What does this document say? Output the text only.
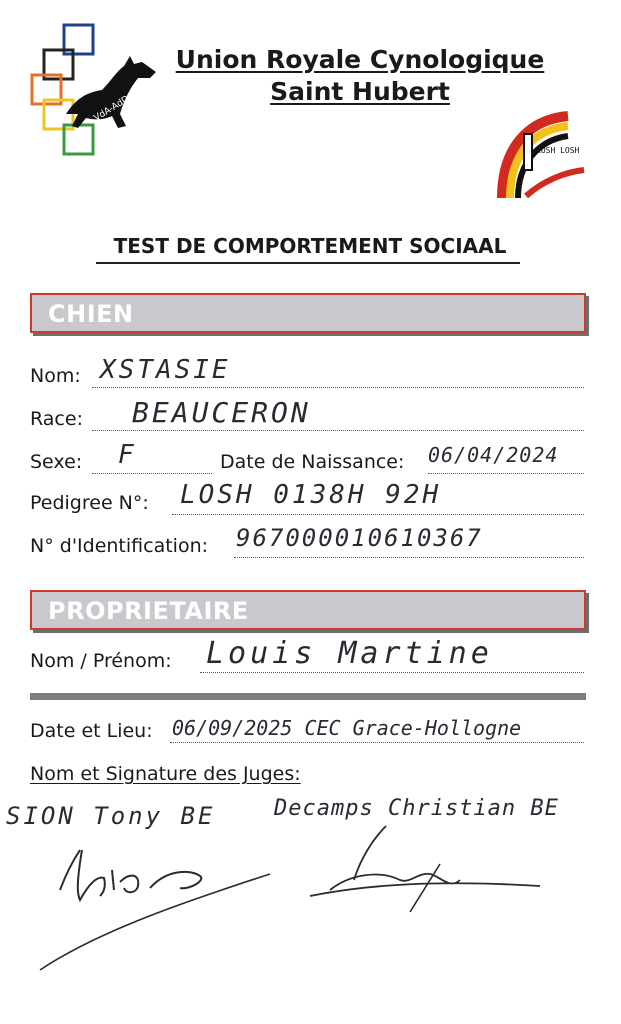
VdA-AdD
Union Royale Cynologique
Saint Hubert
KUSH LOSH
TEST DE COMPORTEMENT SOCIAAL
CHIEN
Nom: XSTASIE
Race: BEAUCERON
Sexe: F	Date de Naissance: 06/04/2024
Pedigree N°: LOSH 0138H 92H
N° d'Identification: 967000010610367
PROPRIETAIRE
Nom / Prénom: Louis Martine
Date et Lieu: 06/09/2025 CEC Grace-Hollogne
Nom et Signature des Juges:
SION Tony BE	Decamps Christian BE
